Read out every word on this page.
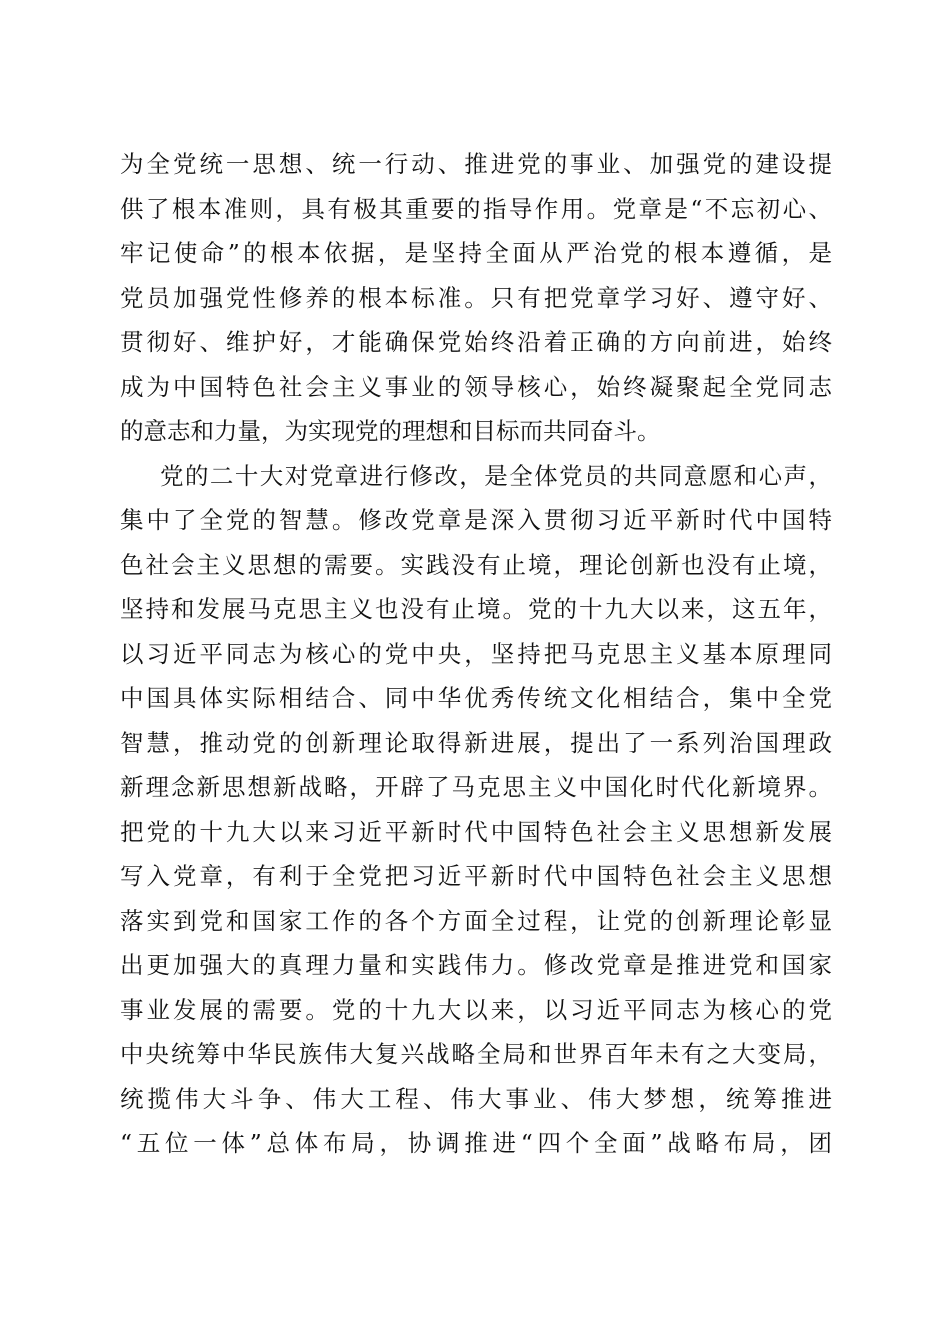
为全党统一思想、统一行动、推进党的事业、加强党的建设提
供了根本准则，具有极其重要的指导作用。党章是“不忘初心、
牢记使命”的根本依据，是坚持全面从严治党的根本遵循，是
党员加强党性修养的根本标准。只有把党章学习好、遵守好、
贯彻好、维护好，才能确保党始终沿着正确的方向前进，始终
成为中国特色社会主义事业的领导核心，始终凝聚起全党同志
的意志和力量，为实现党的理想和目标而共同奋斗。
党的二十大对党章进行修改，是全体党员的共同意愿和心声，
集中了全党的智慧。修改党章是深入贯彻习近平新时代中国特
色社会主义思想的需要。实践没有止境，理论创新也没有止境，
坚持和发展马克思主义也没有止境。党的十九大以来，这五年，
以习近平同志为核心的党中央，坚持把马克思主义基本原理同
中国具体实际相结合、同中华优秀传统文化相结合，集中全党
智慧，推动党的创新理论取得新进展，提出了一系列治国理政
新理念新思想新战略，开辟了马克思主义中国化时代化新境界。
把党的十九大以来习近平新时代中国特色社会主义思想新发展
写入党章，有利于全党把习近平新时代中国特色社会主义思想
落实到党和国家工作的各个方面全过程，让党的创新理论彰显
出更加强大的真理力量和实践伟力。修改党章是推进党和国家
事业发展的需要。党的十九大以来，以习近平同志为核心的党
中央统筹中华民族伟大复兴战略全局和世界百年未有之大变局，
统揽伟大斗争、伟大工程、伟大事业、伟大梦想，统筹推进
“五位一体”总体布局，协调推进“四个全面”战略布局，团
